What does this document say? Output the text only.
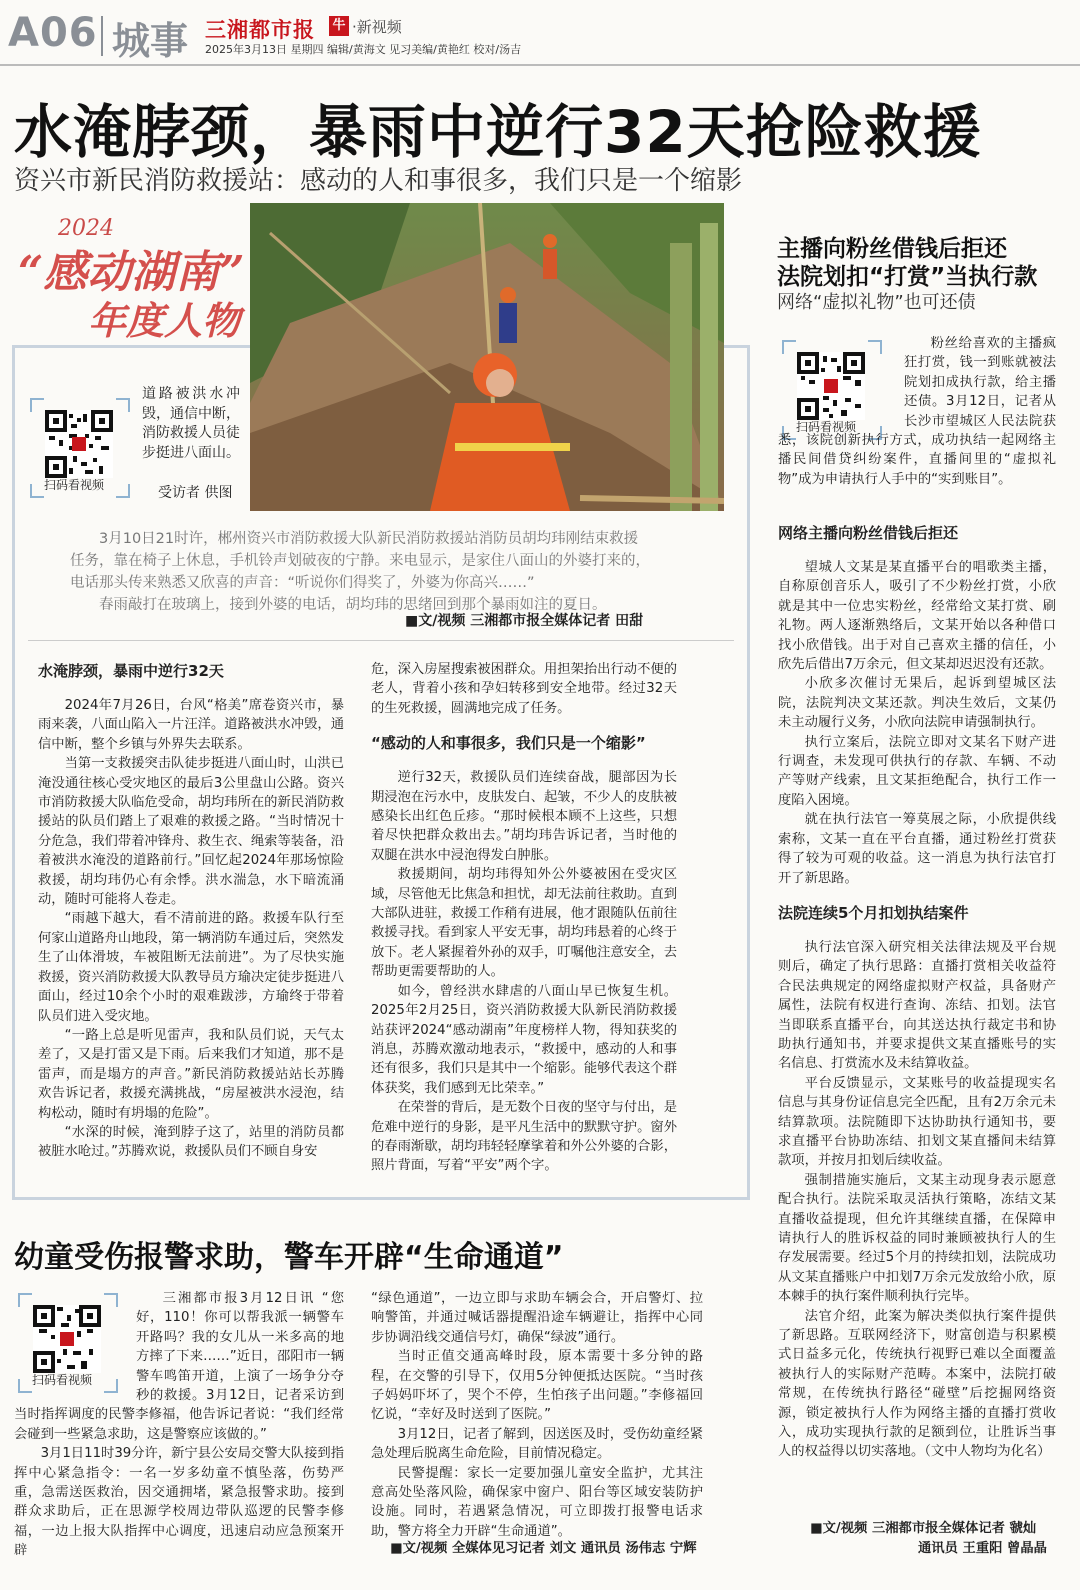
A06 城事 三湘都市报 牛 ·新视频
2025年3月13日 星期四 编辑/黄海文 见习美编/黄艳红 校对/汤吉
水淹脖颈，暴雨中逆行32天抢险救援
资兴市新民消防救援站：感动的人和事很多，我们只是一个缩影
2024
“感动湖南”
年度人物
扫码看视频
道路被洪水冲毁，通信中断，消防救援人员徒步挺进八面山。
受访者 供图

3月10日21时许，郴州资兴市消防救援大队新民消防救援站消防员胡均玮刚结束救援任务，靠在椅子上休息，手机铃声划破夜的宁静。来电显示，是家住八面山的外婆打来的，电话那头传来熟悉又欣喜的声音：“听说你们得奖了，外婆为你高兴……”

春雨敲打在玻璃上，接到外婆的电话，胡均玮的思绪回到那个暴雨如注的夏日。

■文/视频 三湘都市报全媒体记者 田甜
水淹脖颈，暴雨中逆行32天

2024年7月26日，台风“格美”席卷资兴市，暴雨来袭，八面山陷入一片汪洋。道路被洪水冲毁，通信中断，整个乡镇与外界失去联系。

当第一支救援突击队徒步挺进八面山时，山洪已淹没通往核心受灾地区的最后3公里盘山公路。资兴市消防救援大队临危受命，胡均玮所在的新民消防救援站的队员们踏上了艰难的救援之路。“当时情况十分危急，我们带着冲锋舟、救生衣、绳索等装备，沿着被洪水淹没的道路前行。”回忆起2024年那场惊险救援，胡均玮仍心有余悸。洪水湍急，水下暗流涌动，随时可能将人卷走。

“雨越下越大，看不清前进的路。救援车队行至何家山道路舟山地段，第一辆消防车通过后，突然发生了山体滑坡，车被阻断无法前进”。为了尽快实施救援，资兴消防救援大队教导员方瑜决定徒步挺进八面山，经过10余个小时的艰难跋涉，方瑜终于带着队员们进入受灾地。

“一路上总是听见雷声，我和队员们说，天气太差了，又是打雷又是下雨。后来我们才知道，那不是雷声，而是塌方的声音。”新民消防救援站站长苏腾欢告诉记者，救援充满挑战，“房屋被洪水浸泡，结构松动，随时有坍塌的危险”。

“水深的时候，淹到脖子这了，站里的消防员都被脏水呛过。”苏腾欢说，救援队员们不顾自身安

危，深入房屋搜索被困群众。用担架抬出行动不便的老人，背着小孩和孕妇转移到安全地带。经过32天的生死救援，圆满地完成了任务。

“感动的人和事很多，我们只是一个缩影”

逆行32天，救援队员们连续奋战，腿部因为长期浸泡在污水中，皮肤发白、起皱，不少人的皮肤被感染长出红色丘疹。“那时候根本顾不上这些，只想着尽快把群众救出去。”胡均玮告诉记者，当时他的双腿在洪水中浸泡得发白肿胀。

救援期间，胡均玮得知外公外婆被困在受灾区域，尽管他无比焦急和担忧，却无法前往救助。直到大部队进驻，救援工作稍有进展，他才跟随队伍前往救援寻找。看到家人平安无事，胡均玮悬着的心终于放下。老人紧握着外孙的双手，叮嘱他注意安全，去帮助更需要帮助的人。

如今，曾经洪水肆虐的八面山早已恢复生机。2025年2月25日，资兴消防救援大队新民消防救援站获评2024“感动湖南”年度榜样人物，得知获奖的消息，苏腾欢激动地表示，“救援中，感动的人和事还有很多，我们只是其中一个缩影。能够代表这个群体获奖，我们感到无比荣幸。”

在荣誉的背后，是无数个日夜的坚守与付出，是危难中逆行的身影，是平凡生活中的默默守护。窗外的春雨渐歇，胡均玮轻轻摩挲着和外公外婆的合影，照片背面，写着“平安”两个字。

主播向粉丝借钱后拒还
法院划扣“打赏”当执行款
网络“虚拟礼物”也可还债
扫码看视频

粉丝给喜欢的主播疯狂打赏，钱一到账就被法院划扣成执行款，给主播还债。3月12日，记者从长沙市望城区人民法院获悉，该院创新执行方式，成功执结一起网络主播民间借贷纠纷案件，直播间里的“虚拟礼物”成为申请执行人手中的“实到账目”。

网络主播向粉丝借钱后拒还

望城人文某是某直播平台的唱歌类主播，自称原创音乐人，吸引了不少粉丝打赏，小欣就是其中一位忠实粉丝，经常给文某打赏、刷礼物。两人逐渐熟络后，文某开始以各种借口找小欣借钱。出于对自己喜欢主播的信任，小欣先后借出7万余元，但文某却迟迟没有还款。

小欣多次催讨无果后，起诉到望城区法院，法院判决文某还款。判决生效后，文某仍未主动履行义务，小欣向法院申请强制执行。

执行立案后，法院立即对文某名下财产进行调查，未发现可供执行的存款、车辆、不动产等财产线索，且文某拒绝配合，执行工作一度陷入困境。

就在执行法官一筹莫展之际，小欣提供线索称，文某一直在平台直播，通过粉丝打赏获得了较为可观的收益。这一消息为执行法官打开了新思路。

法院连续5个月扣划执结案件

执行法官深入研究相关法律法规及平台规则后，确定了执行思路：直播打赏相关收益符合民法典规定的网络虚拟财产权益，具备财产属性，法院有权进行查询、冻结、扣划。法官当即联系直播平台，向其送达执行裁定书和协助执行通知书，并要求提供文某直播账号的实名信息、打赏流水及未结算收益。

平台反馈显示，文某账号的收益提现实名信息与其身份证信息完全匹配，且有2万余元未结算款项。法院随即下达协助执行通知书，要求直播平台协助冻结、扣划文某直播间未结算款项，并按月扣划后续收益。

强制措施实施后，文某主动现身表示愿意配合执行。法院采取灵活执行策略，冻结文某直播收益提现，但允许其继续直播，在保障申请执行人的胜诉权益的同时兼顾被执行人的生存发展需要。经过5个月的持续扣划，法院成功从文某直播账户中扣划7万余元发放给小欣，原本棘手的执行案件顺利执行完毕。

法官介绍，此案为解决类似执行案件提供了新思路。互联网经济下，财富创造与积累模式日益多元化，传统执行视野已难以全面覆盖被执行人的实际财产范畴。本案中，法院打破常规，在传统执行路径“碰壁”后挖掘网络资源，锁定被执行人作为网络主播的直播打赏收入，成功实现执行款的足额到位，让胜诉当事人的权益得以切实落地。（文中人物均为化名）

■文/视频 三湘都市报全媒体记者 虢灿
通讯员 王重阳 曾晶晶
幼童受伤报警求助，警车开辟“生命通道”
扫码看视频

三湘都市报3月12日讯 “您好，110！你可以帮我派一辆警车开路吗？我的女儿从一米多高的地方摔了下来……”近日，邵阳市一辆警车鸣笛开道，上演了一场争分夺秒的救援。3月12日，记者采访到当时指挥调度的民警李修福，他告诉记者说：“我们经常会碰到一些紧急求助，这是警察应该做的。”

3月1日11时39分许，新宁县公安局交警大队接到指挥中心紧急指令：一名一岁多幼童不慎坠落，伤势严重，急需送医救治，因交通拥堵，紧急报警求助。接到群众求助后，正在思源学校周边带队巡逻的民警李修福，一边上报大队指挥中心调度，迅速启动应急预案开辟

“绿色通道”，一边立即与求助车辆会合，开启警灯、拉响警笛，并通过喊话器提醒沿途车辆避让，指挥中心同步协调沿线交通信号灯，确保“绿波”通行。

当时正值交通高峰时段，原本需要十多分钟的路程，在交警的引导下，仅用5分钟便抵达医院。“当时孩子妈妈吓坏了，哭个不停，生怕孩子出问题。”李修福回忆说，“幸好及时送到了医院。”

3月12日，记者了解到，因送医及时，受伤幼童经紧急处理后脱离生命危险，目前情况稳定。

民警提醒：家长一定要加强儿童安全监护，尤其注意高处坠落风险，确保家中窗户、阳台等区域安装防护设施。同时，若遇紧急情况，可立即拨打报警电话求助，警方将全力开辟“生命通道”。

■文/视频 全媒体见习记者 刘文 通讯员 汤伟志 宁辉
